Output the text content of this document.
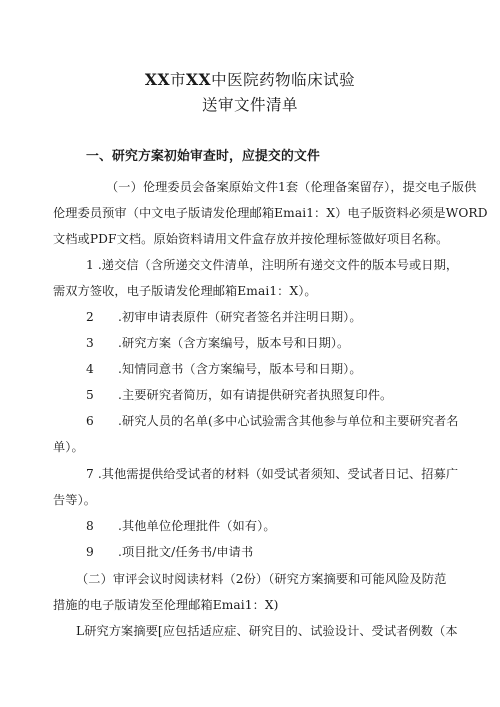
XX市XX中医院药物临床试验
送审文件清单
一、研究方案初始审查时，应提交的文件
（一）伦理委员会备案原始文件1套（伦理备案留存），提交电子版供
伦理委员预审（中文电子版请发伦理邮箱Emai1：X）电子版资料必须是WORD
文档或PDF文档。原始资料请用文件盒存放并按伦理标签做好项目名称。
1 .递交信（含所递交文件清单，注明所有递交文件的版本号或日期，
需双方签收，电子版请发伦理邮箱Emai1：X）。
2 .初审申请表原件（研究者签名并注明日期）。
3 .研究方案（含方案编号，版本号和日期）。
4 .知情同意书（含方案编号，版本号和日期）。
5 .主要研究者简历，如有请提供研究者执照复印件。
6 .研究人员的名单(多中心试验需含其他参与单位和主要研究者名
单）。
7 .其他需提供给受试者的材料（如受试者须知、受试者日记、招募广
告等）。
8 .其他单位伦理批件（如有）。
9 .项目批文/任务书/申请书
（二）审评会议时阅读材料（2份）（研究方案摘要和可能风险及防范
措施的电子版请发至伦理邮箱Emai1：X)
L研究方案摘要[应包括适应症、研究目的、试验设计、受试者例数（本
